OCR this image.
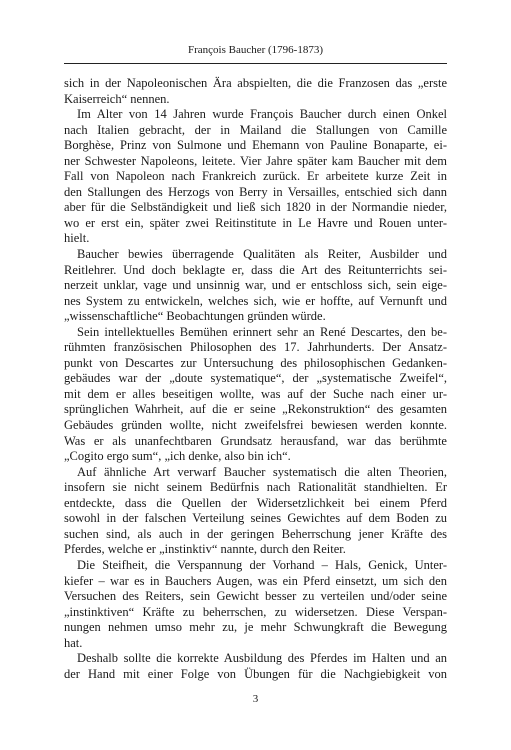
François Baucher (1796-1873)
sich in der Napoleonischen Ära abspielten, die die Franzosen das „erste
Kaiserreich“ nennen.
Im Alter von 14 Jahren wurde François Baucher durch einen Onkel
nach Italien gebracht, der in Mailand die Stallungen von Camille
Borghèse, Prinz von Sulmone und Ehemann von Pauline Bonaparte, ei-
ner Schwester Napoleons, leitete. Vier Jahre später kam Baucher mit dem
Fall von Napoleon nach Frankreich zurück. Er arbeitete kurze Zeit in
den Stallungen des Herzogs von Berry in Versailles, entschied sich dann
aber für die Selbständigkeit und ließ sich 1820 in der Normandie nieder,
wo er erst ein, später zwei Reitinstitute in Le Havre und Rouen unter-
hielt.
Baucher bewies überragende Qualitäten als Reiter, Ausbilder und
Reitlehrer. Und doch beklagte er, dass die Art des Reitunterrichts sei-
nerzeit unklar, vage und unsinnig war, und er entschloss sich, sein eige-
nes System zu entwickeln, welches sich, wie er hoffte, auf Vernunft und
„wissenschaftliche“ Beobachtungen gründen würde.
Sein intellektuelles Bemühen erinnert sehr an René Descartes, den be-
rühmten französischen Philosophen des 17. Jahrhunderts. Der Ansatz-
punkt von Descartes zur Untersuchung des philosophischen Gedanken-
gebäudes war der „doute systematique“, der „systematische Zweifel“,
mit dem er alles beseitigen wollte, was auf der Suche nach einer ur-
sprünglichen Wahrheit, auf die er seine „Rekonstruktion“ des gesamten
Gebäudes gründen wollte, nicht zweifelsfrei bewiesen werden konnte.
Was er als unanfechtbaren Grundsatz herausfand, war das berühmte
„Cogito ergo sum“, „ich denke, also bin ich“.
Auf ähnliche Art verwarf Baucher systematisch die alten Theorien,
insofern sie nicht seinem Bedürfnis nach Rationalität standhielten. Er
entdeckte, dass die Quellen der Widersetzlichkeit bei einem Pferd
sowohl in der falschen Verteilung seines Gewichtes auf dem Boden zu
suchen sind, als auch in der geringen Beherrschung jener Kräfte des
Pferdes, welche er „instinktiv“ nannte, durch den Reiter.
Die Steifheit, die Verspannung der Vorhand – Hals, Genick, Unter-
kiefer – war es in Bauchers Augen, was ein Pferd einsetzt, um sich den
Versuchen des Reiters, sein Gewicht besser zu verteilen und/oder seine
„instinktiven“ Kräfte zu beherrschen, zu widersetzen. Diese Verspan-
nungen nehmen umso mehr zu, je mehr Schwungkraft die Bewegung
hat.
Deshalb sollte die korrekte Ausbildung des Pferdes im Halten und an
der Hand mit einer Folge von Übungen für die Nachgiebigkeit von
3
